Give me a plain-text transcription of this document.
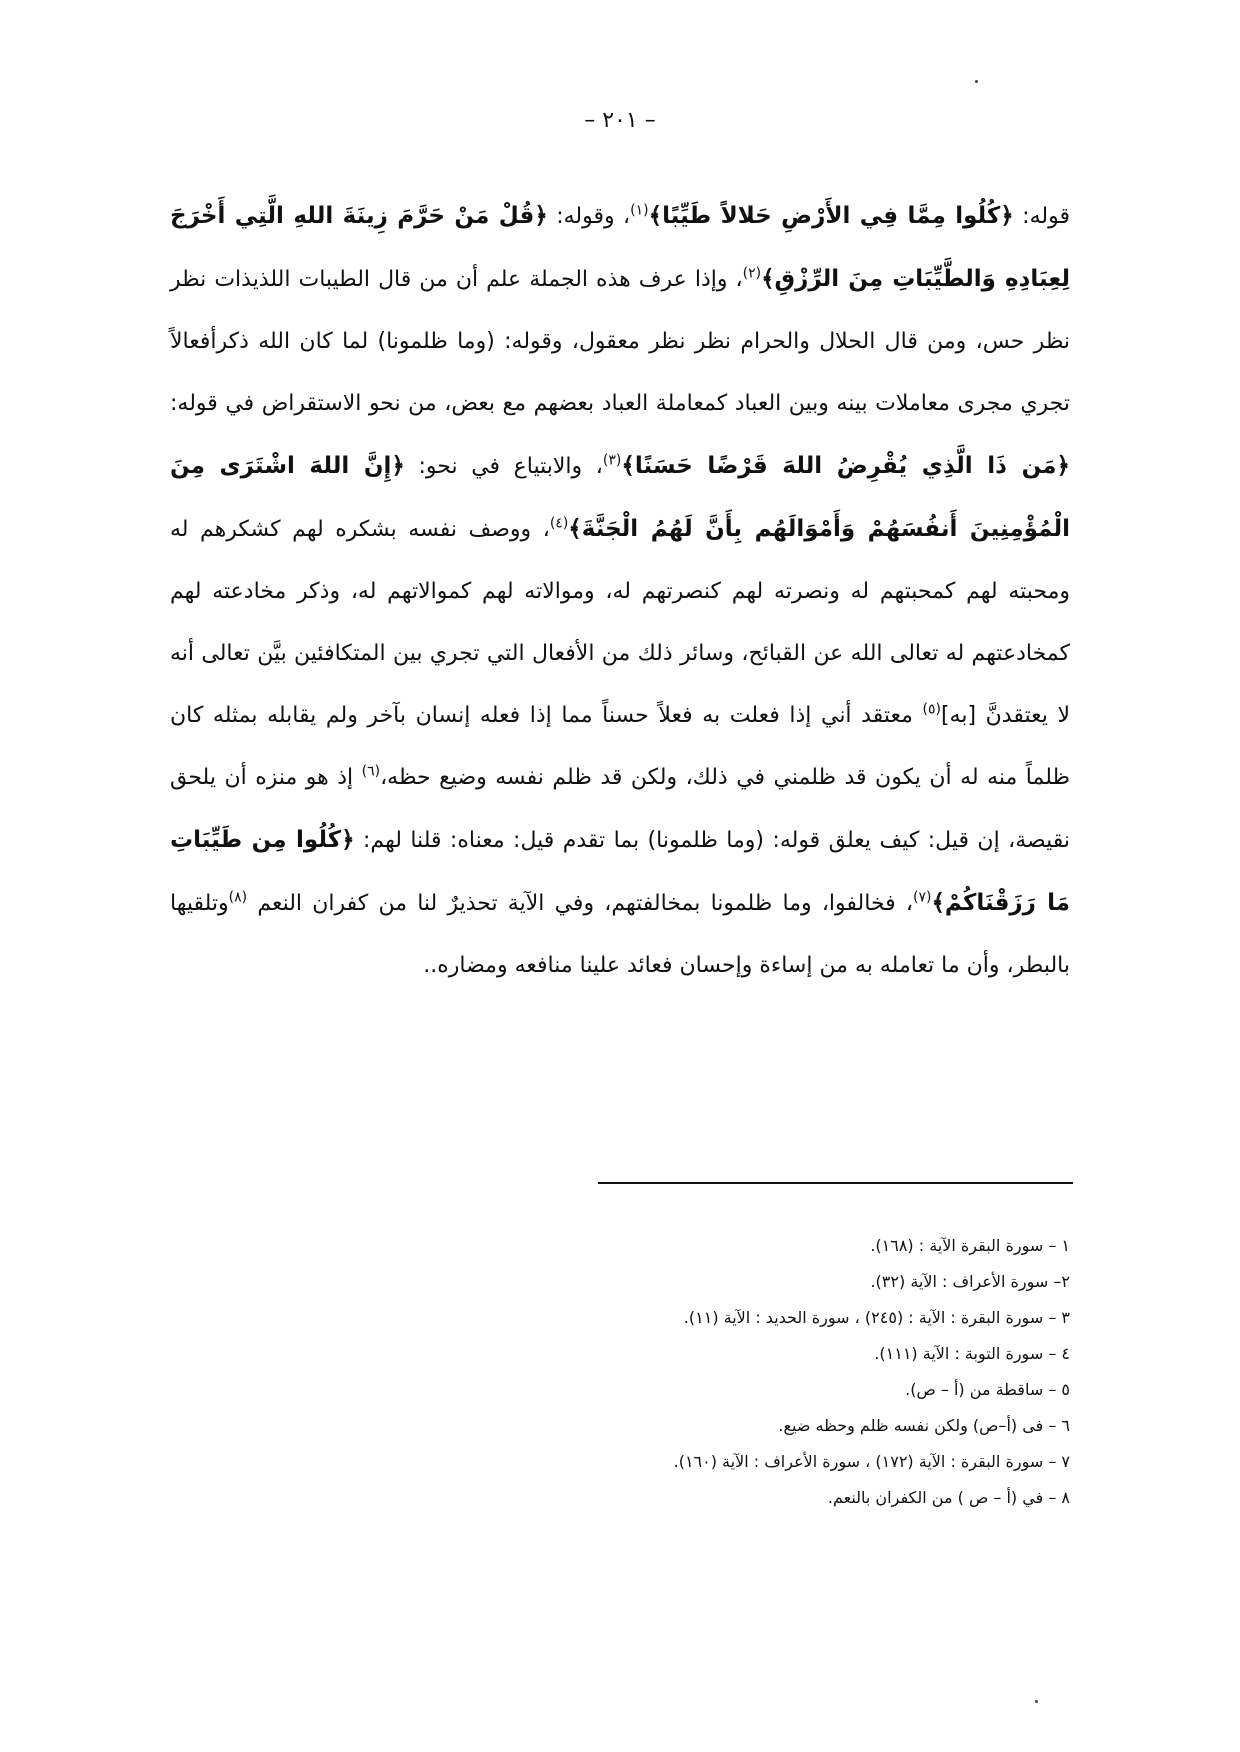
– ٢٠١ –

قوله: ﴿كُلُوا مِمَّا فِي الأَرْضِ حَلالاً طَيِّبًا﴾$^{(١)}$، وقوله: ﴿قُلْ مَنْ حَرَّمَ زِينَةَ اللهِ الَّتِي أَخْرَجَ لِعِبَادِهِ وَالطَّيِّبَاتِ مِنَ الرِّزْقِ﴾$^{(٢)}$، وإذا عرف هذه الجملة علم أن من قال الطيبات اللذيذات نظر نظر حس، ومن قال الحلال والحرام نظر نظر معقول، وقوله: (وما ظلمونا) لما كان الله ذكرأفعالاً تجري مجرى معاملات بينه وبين العباد كمعاملة العباد بعضهم مع بعض، من نحو الاستقراض في قوله: ﴿مَن ذَا الَّذِي يُقْرِضُ اللهَ قَرْضًا حَسَنًا﴾$^{(٣)}$، والابتياع في نحو: ﴿إِنَّ اللهَ اشْتَرَى مِنَ الْمُؤْمِنِينَ أَنفُسَهُمْ وَأَمْوَالَهُم بِأَنَّ لَهُمُ الْجَنَّةَ﴾$^{(٤)}$، ووصف نفسه بشكره لهم كشكرهم له ومحبته لهم كمحبتهم له ونصرته لهم كنصرتهم له، وموالاته لهم كموالاتهم له، وذكر مخادعته لهم كمخادعتهم له تعالى الله عن القبائح، وسائر ذلك من الأفعال التي تجري بين المتكافئين بيَّن تعالى أنه لا يعتقدنَّ [به]$^{(٥)}$ معتقد أني إذا فعلت به فعلاً حسناً مما إذا فعله إنسان بآخر ولم يقابله بمثله كان ظلماً منه له أن يكون قد ظلمني في ذلك، ولكن قد ظلم نفسه وضيع حظه،$^{(٦)}$ إذ هو منزه أن يلحق نقيصة، إن قيل: كيف يعلق قوله: (وما ظلمونا) بما تقدم قيل: معناه: قلنا لهم: ﴿كُلُوا مِن طَيِّبَاتِ مَا رَزَقْنَاكُمْ﴾$^{(٧)}$، فخالفوا، وما ظلمونا بمخالفتهم، وفي الآية تحذيرٌ لنا من كفران النعم $^{(٨)}$وتلقيها بالبطر، وأن ما تعامله به من إساءة وإحسان فعائد علينا منافعه ومضاره..

١ – سورة البقرة الآية : (١٦٨).
٢– سورة الأعراف : الآية (٣٢).
٣ – سورة البقرة : الآية : (٢٤٥) ، سورة الحديد : الآية (١١).
٤ – سورة التوبة : الآية (١١١).
٥ – ساقطة من (أ – ص).
٦ – فى (أ–ص) ولكن نفسه ظلم وحظه ضيع.
٧ – سورة البقرة : الآية (١٧٢) ، سورة الأعراف : الآية (١٦٠).
٨ – في (أ – ص ) من الكفران بالنعم.
